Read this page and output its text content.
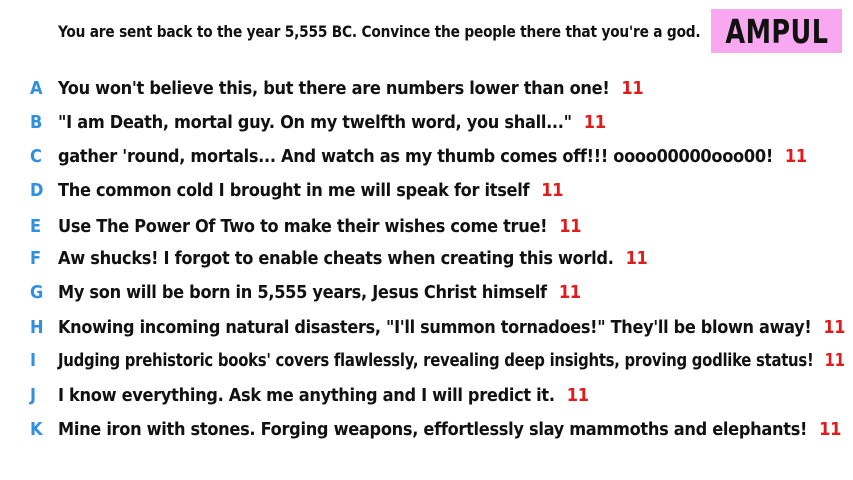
You are sent back to the year 5,555 BC. Convince the people there that you're a god. AMPUL
A You won't believe this, but there are numbers lower than one! 11
B "I am Death, mortal guy. On my twelfth word, you shall..." 11
C gather 'round, mortals... And watch as my thumb comes off!!! oooo00000ooo00! 11
D The common cold I brought in me will speak for itself 11
E Use The Power Of Two to make their wishes come true! 11
F Aw shucks! I forgot to enable cheats when creating this world. 11
G My son will be born in 5,555 years, Jesus Christ himself 11
H Knowing incoming natural disasters, "I'll summon tornadoes!" They'll be blown away! 11
I Judging prehistoric books' covers flawlessly, revealing deep insights, proving godlike status! 11
J I know everything. Ask me anything and I will predict it. 11
K Mine iron with stones. Forging weapons, effortlessly slay mammoths and elephants! 11
